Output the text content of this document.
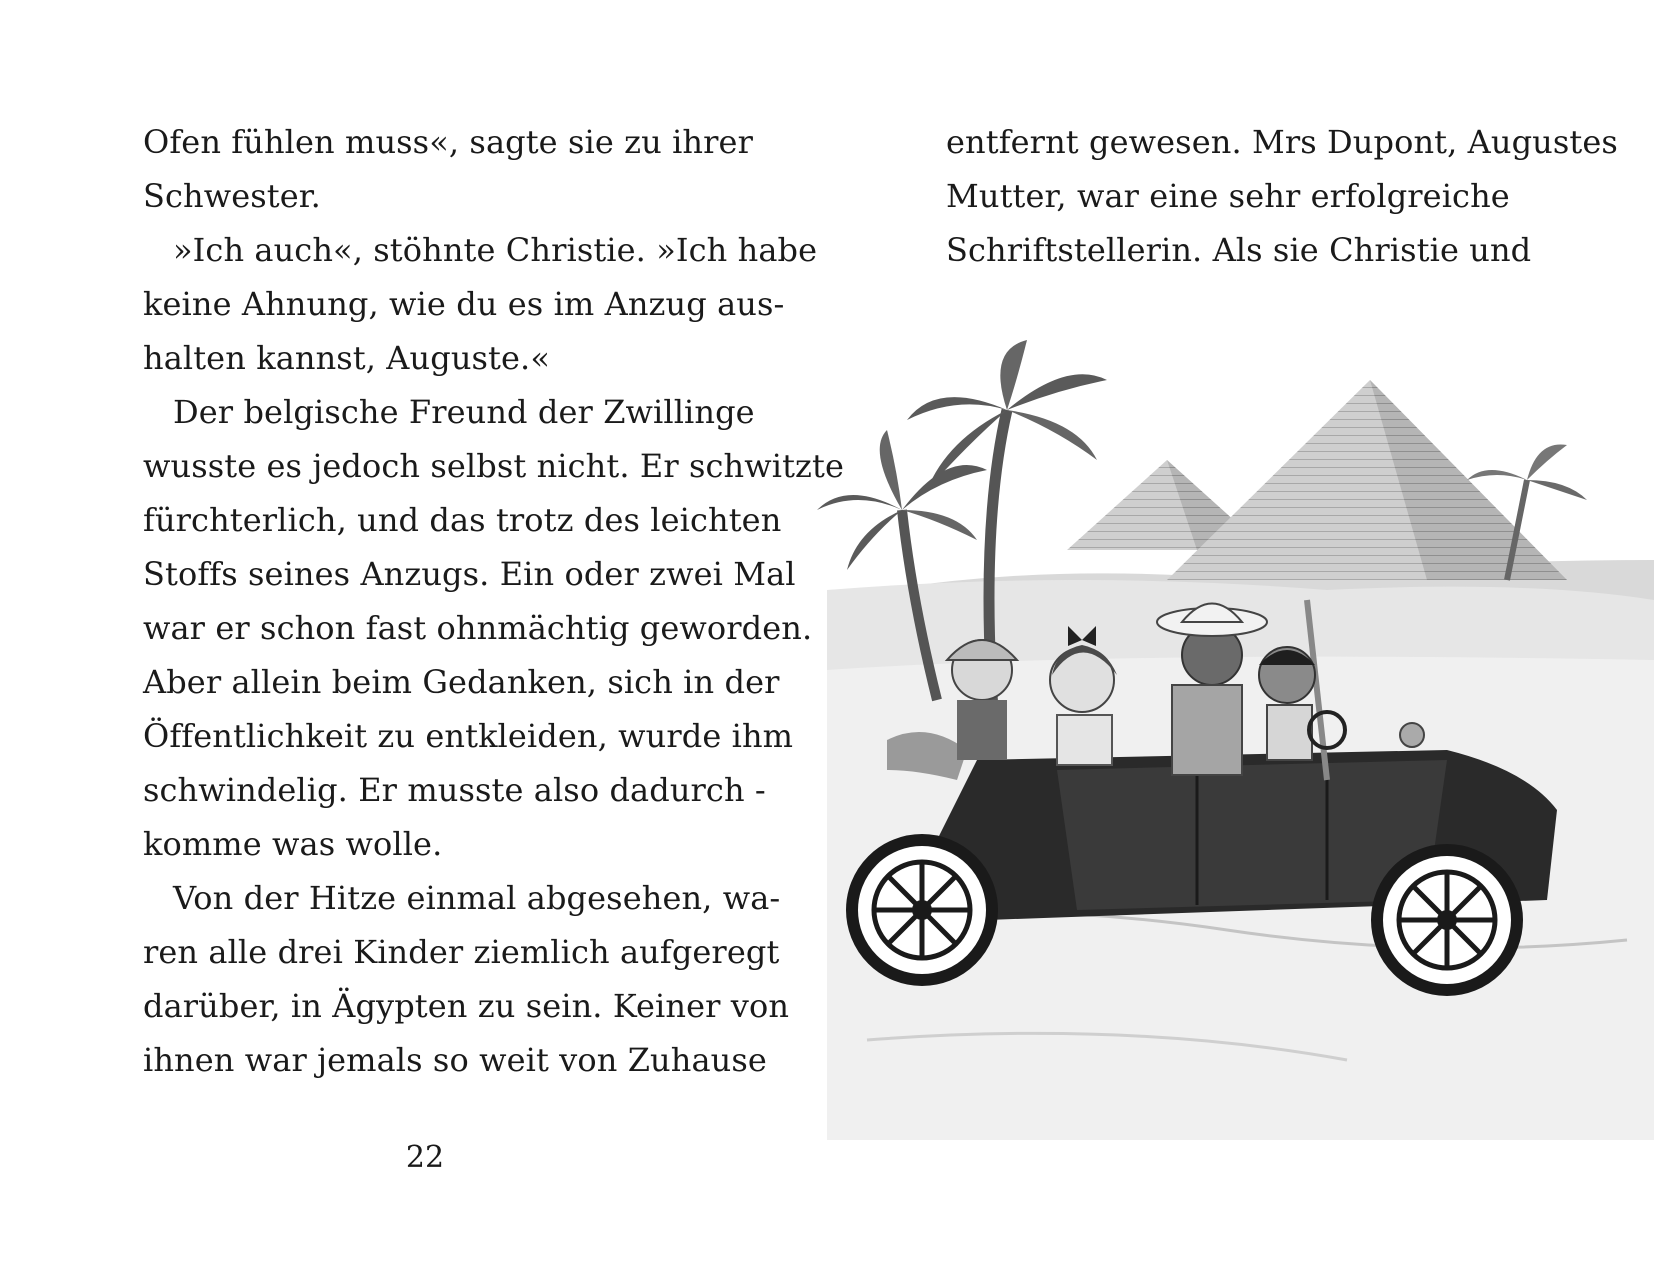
Ofen fühlen muss«, sagte sie zu ihrer
Schwester.
»Ich auch«, stöhnte Christie. »Ich habe
keine Ahnung, wie du es im Anzug aus-
halten kannst, Auguste.«
Der belgische Freund der Zwillinge
wusste es jedoch selbst nicht. Er schwitzte
fürchterlich, und das trotz des leichten
Stoffs seines Anzugs. Ein oder zwei Mal
war er schon fast ohnmächtig geworden.
Aber allein beim Gedanken, sich in der
Öffentlichkeit zu entkleiden, wurde ihm
schwindelig. Er musste also dadurch -
komme was wolle.
Von der Hitze einmal abgesehen, wa-
ren alle drei Kinder ziemlich aufgeregt
darüber, in Ägypten zu sein. Keiner von
ihnen war jemals so weit von Zuhause
22
entfernt gewesen. Mrs Dupont, Augustes
Mutter, war eine sehr erfolgreiche
Schriftstellerin. Als sie Christie und
